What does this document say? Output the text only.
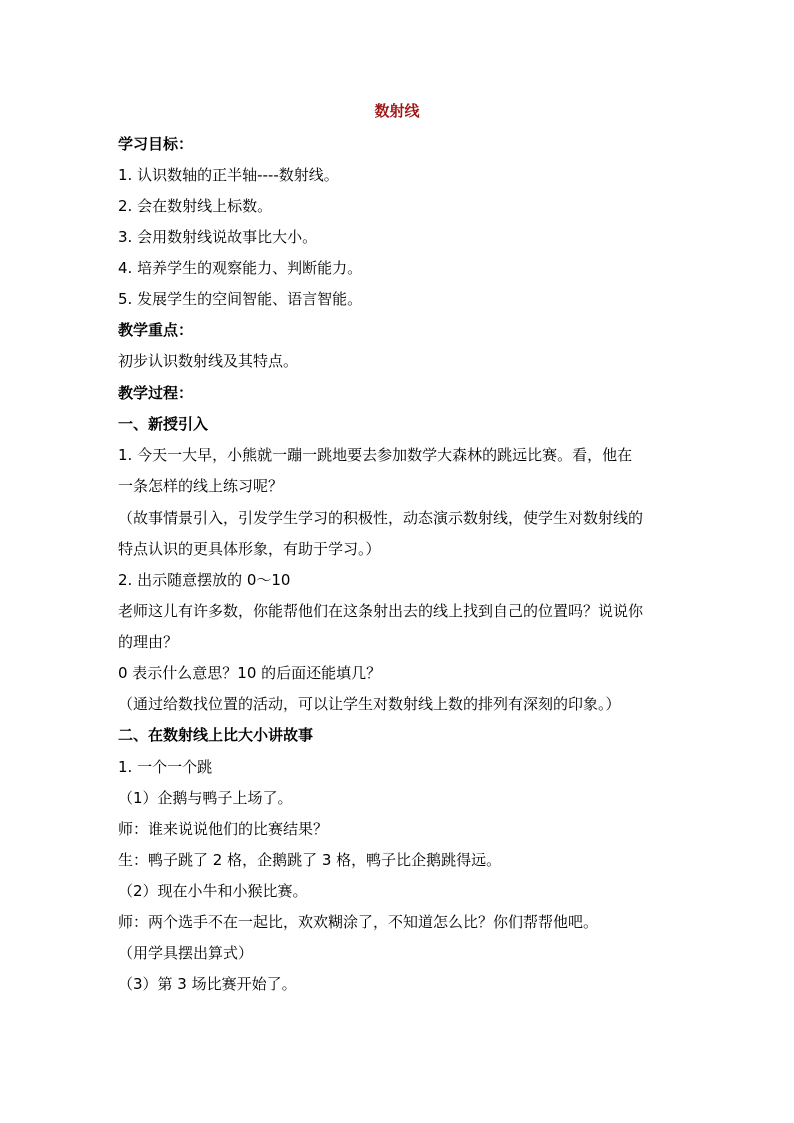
数射线
学习目标：
1. 认识数轴的正半轴----数射线。
2. 会在数射线上标数。
3. 会用数射线说故事比大小。
4. 培养学生的观察能力、判断能力。
5. 发展学生的空间智能、语言智能。
教学重点：
初步认识数射线及其特点。
教学过程：
一、新授引入
1. 今天一大早，小熊就一蹦一跳地要去参加数学大森林的跳远比赛。看，他在
一条怎样的线上练习呢？
（故事情景引入，引发学生学习的积极性，动态演示数射线，使学生对数射线的
特点认识的更具体形象，有助于学习。）
2. 出示随意摆放的 0～10
老师这儿有许多数，你能帮他们在这条射出去的线上找到自己的位置吗？说说你
的理由？
0 表示什么意思？10 的后面还能填几？
（通过给数找位置的活动，可以让学生对数射线上数的排列有深刻的印象。）
二、在数射线上比大小讲故事
1. 一个一个跳
（1）企鹅与鸭子上场了。
师：谁来说说他们的比赛结果？
生：鸭子跳了 2 格，企鹅跳了 3 格，鸭子比企鹅跳得远。
（2）现在小牛和小猴比赛。
师：两个选手不在一起比，欢欢糊涂了，不知道怎么比？你们帮帮他吧。
（用学具摆出算式）
（3）第 3 场比赛开始了。
